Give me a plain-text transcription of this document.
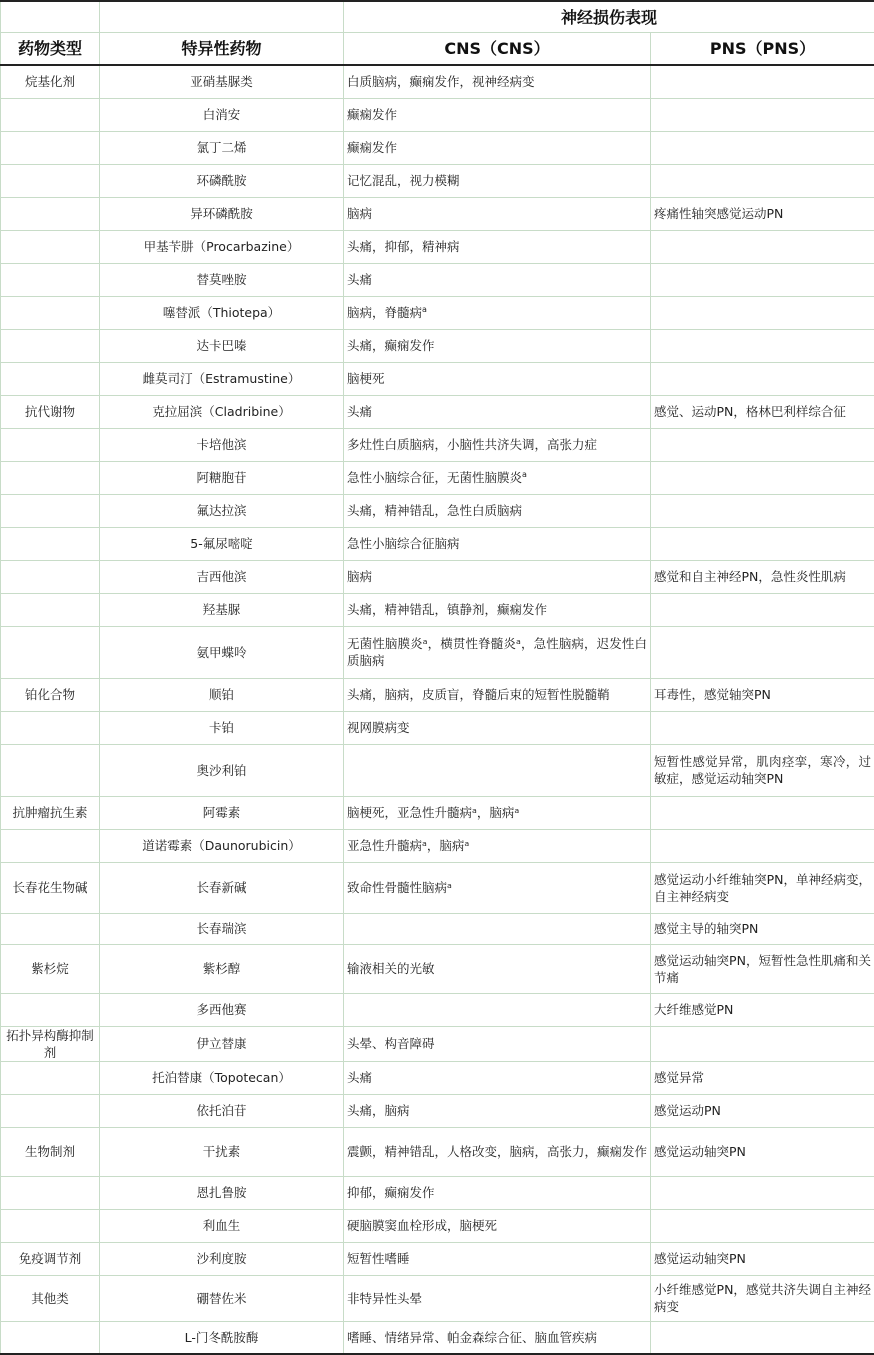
		神经损伤表现	
药物类型	特异性药物	CNS（CNS）	PNS（PNS）
烷基化剂	亚硝基脲类	白质脑病，癫痫发作，视神经病变	
	白消安	癫痫发作	
	氯丁二烯	癫痫发作	
	环磷酰胺	记忆混乱，视力模糊	
	异环磷酰胺	脑病	疼痛性轴突感觉运动PN
	甲基苄肼（Procarbazine）	头痛，抑郁，精神病	
	替莫唑胺	头痛	
	噻替派（Thiotepa）	脑病，脊髓病$^a$	
	达卡巴嗪	头痛，癫痫发作	
	雌莫司汀（Estramustine）	脑梗死	
抗代谢物	克拉屈滨（Cladribine）	头痛	感觉、运动PN，格林巴利样综合征
	卡培他滨	多灶性白质脑病，小脑性共济失调，高张力症	
	阿糖胞苷	急性小脑综合征，无菌性脑膜炎$^a$	
	氟达拉滨	头痛，精神错乱，急性白质脑病	
	5-氟尿嘧啶	急性小脑综合征脑病	
	吉西他滨	脑病	感觉和自主神经PN，急性炎性肌病
	羟基脲	头痛，精神错乱，镇静剂，癫痫发作	
	氨甲蝶呤	无菌性脑膜炎ᵃ，横贯性脊髓炎ᵃ，急性脑病，迟发性白质脑病	
铂化合物	顺铂	头痛，脑病，皮质盲，脊髓后束的短暂性脱髓鞘	耳毒性，感觉轴突PN
	卡铂	视网膜病变	
	奥沙利铂		短暂性感觉异常，肌肉痉挛，寒冷，过敏症，感觉运动轴突PN
抗肿瘤抗生素	阿霉素	脑梗死，亚急性升髓病ᵃ，脑病ᵃ	
	道诺霉素（Daunorubicin）	亚急性升髓病ᵃ，脑病ᵃ	
长春花生物碱	长春新碱	致命性骨髓性脑病ᵃ	感觉运动小纤维轴突PN，单神经病变，自主神经病变
	长春瑞滨		感觉主导的轴突PN
紫杉烷	紫杉醇	输液相关的光敏	感觉运动轴突PN，短暂性急性肌痛和关节痛
	多西他赛		大纤维感觉PN
拓扑异构酶抑制剂	伊立替康	头晕、构音障碍	
	托泊替康（Topotecan）	头痛	感觉异常
	依托泊苷	头痛，脑病	感觉运动PN
生物制剂	干扰素	震颤，精神错乱，人格改变，脑病，高张力，癫痫发作	感觉运动轴突PN
	恩扎鲁胺	抑郁，癫痫发作	
	利血生	硬脑膜窦血栓形成，脑梗死	
免疫调节剂	沙利度胺	短暂性嗜睡	感觉运动轴突PN
其他类	硼替佐米	非特异性头晕	小纤维感觉PN，感觉共济失调自主神经病变
	L-门冬酰胺酶	嗜睡、情绪异常、帕金森综合征、脑血管疾病	
